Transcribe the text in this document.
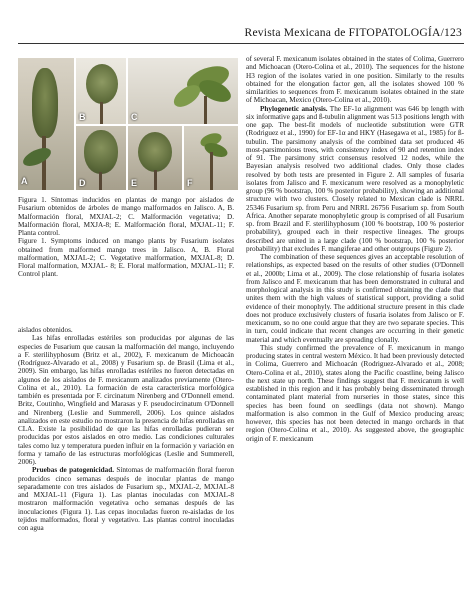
Revista Mexicana de FITOPATOLOGÍA/123
A
B	C
D	E	F

Figura 1. Síntomas inducidos en plantas de mango por aislados de Fusarium obtenidos de árboles de mango malformados en Jalisco. A, B. Malformación floral, MXJAL-2; C. Malformación vegetativa; D. Malformación floral, MXJA-8; E. Malformación floral, MXJAL-11; F. Planta control.

Figure 1. Symptoms induced on mango plants by Fusarium isolates obtained from malformed mango trees in Jalisco. A, B. Floral malformation, MXJAL-2; C. Vegetative malformation, MXJAL-8; D. Floral malformation, MXJAL- 8; E. Floral malformation, MXJAL-11; F. Control plant.

aislados obtenidos.

Las hifas enrolladas estériles son producidas por algunas de las especies de Fusarium que causan la malformación del mango, incluyendo a F. sterilihyphosum (Britz et al., 2002), F. mexicanum de Michoacán (Rodríguez-Alvarado et al., 2008) y Fusarium sp. de Brasil (Lima et al., 2009). Sin embargo, las hifas enrolladas estériles no fueron detectadas en algunos de los aislados de F. mexicanum analizados previamente (Otero-Colina et al., 2010). La formación de esta característica morfológica también es presentada por F. circinatum Nirenberg and O'Donnell emend. Britz, Coutinho, Wingfield and Marasas y F. pseudocircinatum O'Donnell and Nirenberg (Leslie and Summerell, 2006). Los quince aislados analizados en este estudio no mostraron la presencia de hifas enrolladas en CLA. Existe la posibilidad de que las hifas enrolladas pudieran ser producidas por estos aislados en otro medio. Las condiciones culturales tales como luz y temperatura pueden influir en la formación y variación en forma y tamaño de las estructuras morfológicas (Leslie and Summerell, 2006).

Pruebas de patogenicidad. Síntomas de malformación floral fueron producidos cinco semanas después de inocular plantas de mango separadamente con tres aislados de Fusarium sp., MXJAL-2, MXJAL-8 and MXJAL-11 (Figura 1). Las plantas inoculadas con MXJAL-8 mostraron malformación vegetativa ocho semanas después de las inoculaciones (Figura 1). Las cepas inoculadas fueron re-aisladas de los tejidos malformados, floral y vegetativo. Las plantas control inoculadas con agua

of several F. mexicanum isolates obtained in the states of Colima, Guerrero and Michoacan (Otero-Colina et al., 2010). The sequences for the histone H3 region of the isolates varied in one position. Similarly to the results obtained for the elongation factor gen, all the isolates showed 100 % similarities to sequences from F. mexicanum isolates obtained in the state of Michoacan, Mexico (Otero-Colina et al., 2010).

Phylogenetic analysis. The EF-1α alignment was 646 bp length with six informative gaps and ß-tubulin alignment was 513 positions length with one gap. The best-fit models of nucleotide substitution were GTR (Rodriguez et al., 1990) for EF-1α and HKY (Hasegawa et al., 1985) for ß-tubulin. The parsimony analysis of the combined data set produced 46 most-parsimonious trees, with consistency index of 90 and retention index of 91. The parsimony strict consensus resolved 12 nodes, while the Bayesian analysis resolved two additional clades. Only those clades resolved by both tests are presented in Figure 2. All samples of fusaria isolates from Jalisco and F. mexicanum were resolved as a monophyletic group (96 % bootstrap, 100 % posterior probability), showing an additional structure with two clusters. Closely related to Mexican clade is NRRL 25346 Fusarium sp. from Peru and NRRL 26756 Fusarium sp. from South Africa. Another separate monophyletic group is comprised of all Fusarium sp. from Brazil and F. sterilihyphosum (100 % bootstrap, 100 % posterior probability), grouped each in their respective lineages. The groups described are united in a large clade (100 % bootstrap, 100 % posterior probability) that excludes F. mangiferae and other outgroups (Figure 2).

The combination of these sequences gives an acceptable resolution of relationships, as expected based on the results of other studies (O'Donnell et al., 2000b; Lima et al., 2009). The close relationship of fusaria isolates from Jalisco and F. mexicanum that has been demonstrated in cultural and morphological analysis in this study is confirmed obtaining the clade that unites them with the high values of statistical support, providing a solid evidence of their monophyly. The additional structure present in this clade does not produce exclusively clusters of fusaria isolates from Jalisco or F. mexicanum, so no one could argue that they are two separate species. This in turn, could indicate that recent changes are occurring in their genetic material and which eventually are spreading clonally.

This study confirmed the prevalence of F. mexicanum in mango producing states in central western México. It had been previously detected in Colima, Guerrero and Michoacán (Rodriguez-Alvarado et al., 2008; Otero-Colina et al., 2010), states along the Pacific coastline, being Jalisco the next state up north. These findings suggest that F. mexicanum is well established in this region and it has probably being disseminated through contaminated plant material from nurseries in those states, since this species has been found on seedlings (data not shown). Mango malformation is also common in the Gulf of Mexico producing areas; however, this species has not been detected in mango orchards in that region (Otero-Colina et al., 2010). As suggested above, the geographic origin of F. mexicanum
